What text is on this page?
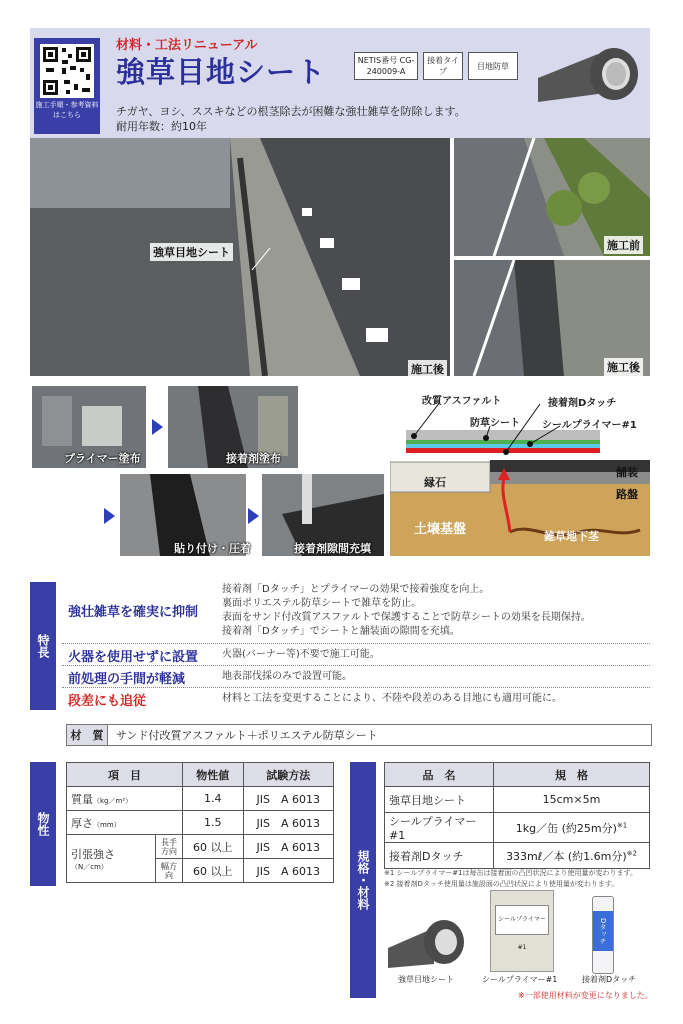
施工手順・参考資料はこちら
材料・工法リニューアル
強草目地シート	NETIS番号 CG-240009-A
接着タイプ
目地防草
チガヤ、ヨシ、ススキなどの根茎除去が困難な強壮雑草を防除します。
耐用年数：約10年
強草目地シート
施工後
施工前
施工後
プライマー塗布	接着剤塗布
貼り付け・圧着	接着剤隙間充填
改質アスファルト	接着剤Dタッチ
防草シート シールプライマー#1
縁石
舗装
路盤
土壌基盤	雑草地下茎
特長
強壮雑草を確実に抑制
接着剤「Dタッチ」とプライマーの効果で接着強度を向上。
裏面ポリエステル防草シートで雑草を防止。
表面をサンド付改質アスファルトで保護することで防草シートの効果を長期保持。
接着剤「Dタッチ」でシートと舗装面の隙間を充填。
火器を使用せずに設置 火器(バーナー等)不要で施工可能。
前処理の手間が軽減	地表部伐採のみで設置可能。
段差にも追従	材料と工法を変更することにより、不陸や段差のある目地にも適用可能に。
材　質	サンド付改質アスファルト＋ポリエステル防草シート
物性
項　目		物性値	試験方法
質量（kg／m²）		1.4	JIS　A 6013
厚さ（mm）		1.5	JIS　A 6013

引張強さ
（N／cm）	長手方向	60 以上	JIS　A 6013
	幅方向	60 以上	JIS　A 6013	規格・材料
品　名	規　格
強草目地シート	15cm×5m
シールプライマー#1	1kg／缶 (約25m分)$^{※1}$
接着剤Dタッチ	333mℓ／本 (約1.6m分)$^{※2}$
※1 シールプライマー#1は毎缶は接着面の凸凹状況により使用量が変わります。
※2 接着剤Dタッチ使用量は施設面の凸凹状況により使用量が変わります。
強草目地シート
シールプライマー#1
シールプライマー#1
Dタッチ
接着剤Dタッチ
※一部使用材料が変更になりました。
